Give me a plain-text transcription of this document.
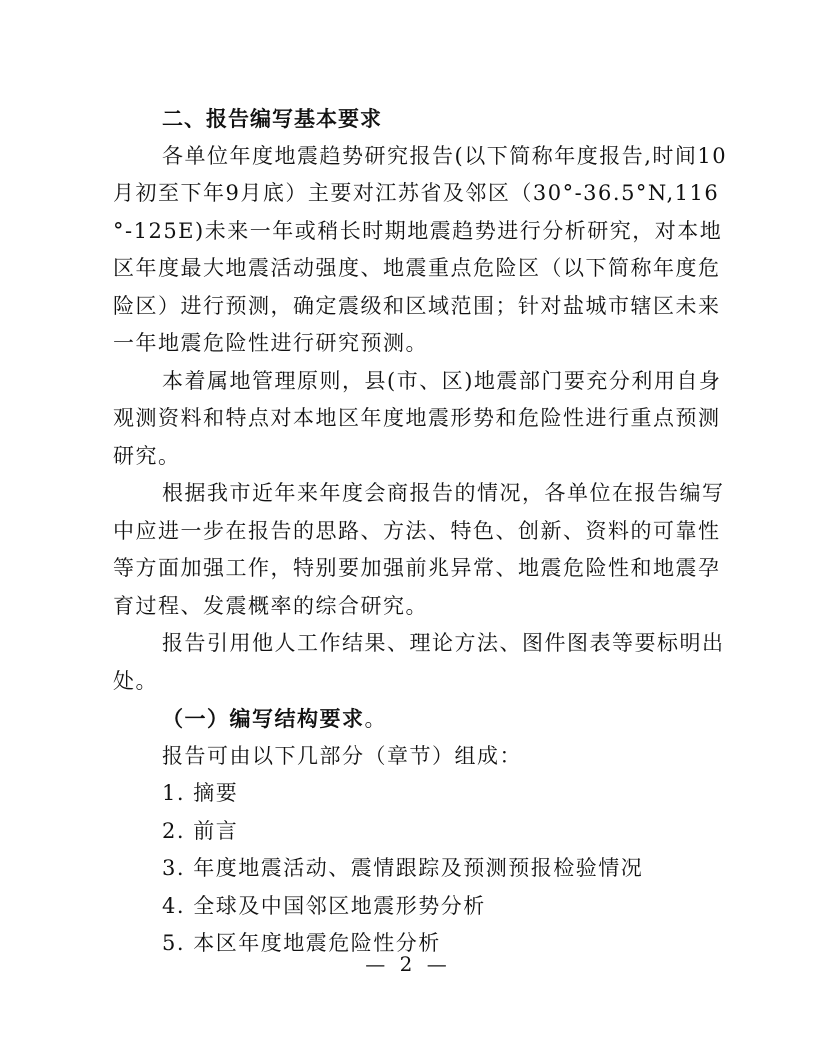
二、报告编写基本要求
各单位年度地震趋势研究报告(以下简称年度报告,时间10
月初至下年9月底）主要对江苏省及邻区（30°-36.5°N,116
°-125E)未来一年或稍长时期地震趋势进行分析研究，对本地
区年度最大地震活动强度、地震重点危险区（以下简称年度危
险区）进行预测，确定震级和区域范围；针对盐城市辖区未来
一年地震危险性进行研究预测。
本着属地管理原则，县(市、区)地震部门要充分利用自身
观测资料和特点对本地区年度地震形势和危险性进行重点预测
研究。
根据我市近年来年度会商报告的情况，各单位在报告编写
中应进一步在报告的思路、方法、特色、创新、资料的可靠性
等方面加强工作，特别要加强前兆异常、地震危险性和地震孕
育过程、发震概率的综合研究。
报告引用他人工作结果、理论方法、图件图表等要标明出
处。
（一）编写结构要求。
报告可由以下几部分（章节）组成：
1. 摘要
2. 前言
3. 年度地震活动、震情跟踪及预测预报检验情况
4. 全球及中国邻区地震形势分析
5. 本区年度地震危险性分析
— 2 —
